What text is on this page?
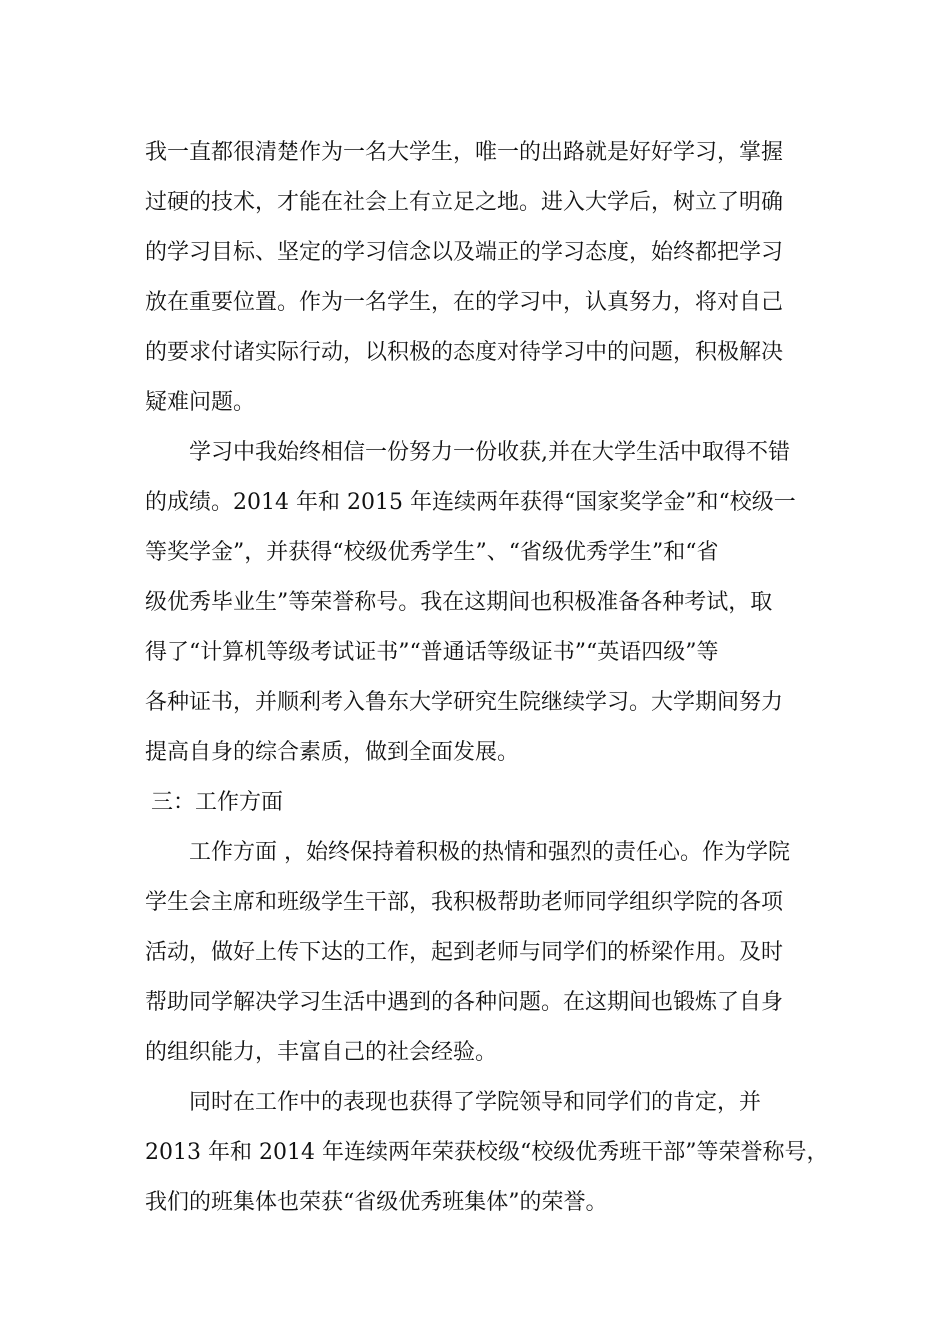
我一直都很清楚作为一名大学生，唯一的出路就是好好学习，掌握
过硬的技术，才能在社会上有立足之地。进入大学后，树立了明确
的学习目标、坚定的学习信念以及端正的学习态度，始终都把学习
放在重要位置。作为一名学生，在的学习中，认真努力，将对自己
的要求付诸实际行动，以积极的态度对待学习中的问题，积极解决
疑难问题。
学习中我始终相信一份努力一份收获,并在大学生活中取得不错
的成绩。2014 年和 2015 年连续两年获得“国家奖学金”和“校级一
等奖学金”，并获得“校级优秀学生”、“省级优秀学生”和“省
级优秀毕业生”等荣誉称号。我在这期间也积极准备各种考试，取
得了“计算机等级考试证书”“普通话等级证书”“英语四级”等
各种证书，并顺利考入鲁东大学研究生院继续学习。大学期间努力
提高自身的综合素质，做到全面发展。
三：工作方面
工作方面 ，始终保持着积极的热情和强烈的责任心。作为学院
学生会主席和班级学生干部，我积极帮助老师同学组织学院的各项
活动，做好上传下达的工作，起到老师与同学们的桥梁作用。及时
帮助同学解决学习生活中遇到的各种问题。在这期间也锻炼了自身
的组织能力，丰富自己的社会经验。
同时在工作中的表现也获得了学院领导和同学们的肯定，并
2013 年和 2014 年连续两年荣获校级“校级优秀班干部”等荣誉称号，
我们的班集体也荣获“省级优秀班集体”的荣誉。
